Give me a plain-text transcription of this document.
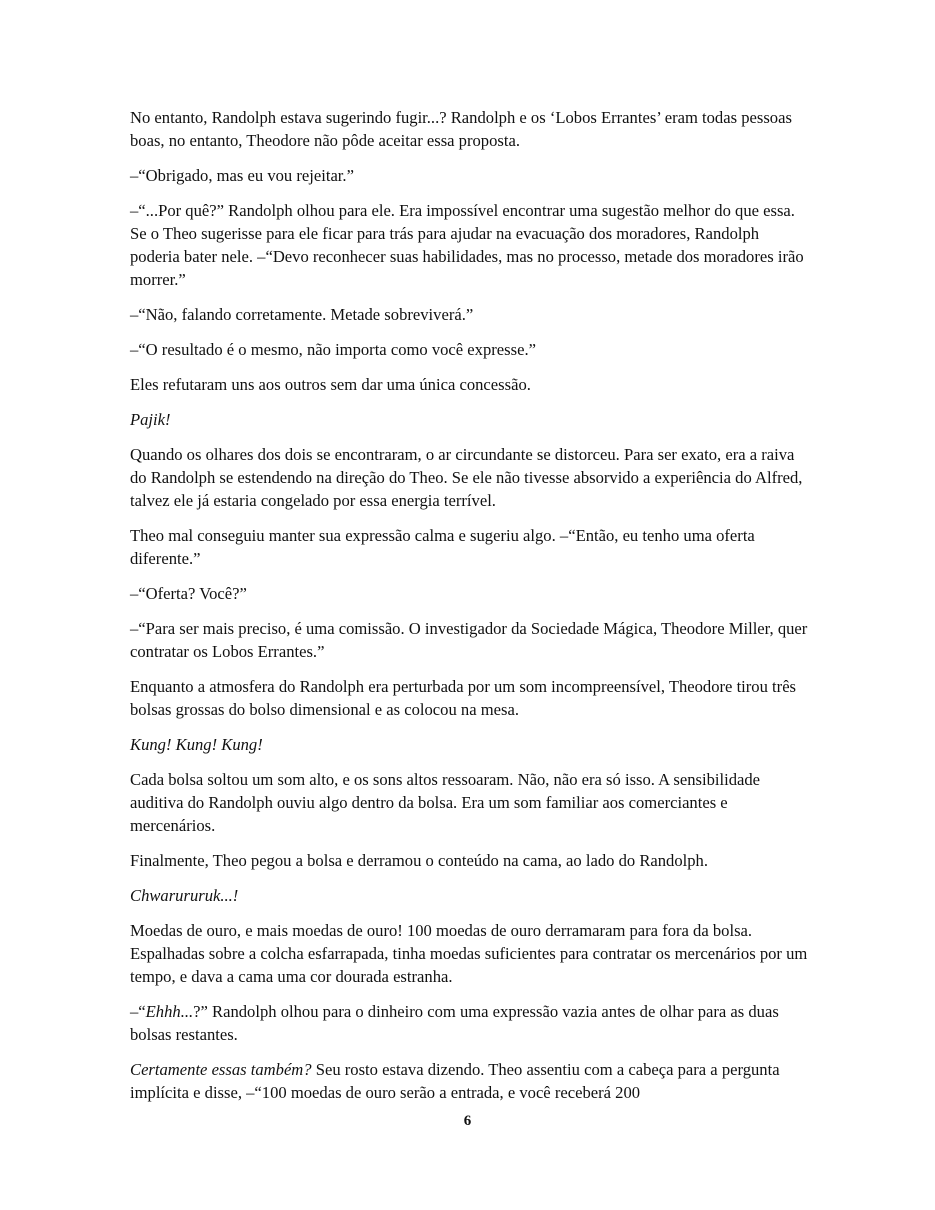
No entanto, Randolph estava sugerindo fugir...? Randolph e os ‘Lobos Errantes’ eram todas pessoas boas, no entanto, Theodore não pôde aceitar essa proposta.

–“Obrigado, mas eu vou rejeitar.”

–“...Por quê?” Randolph olhou para ele. Era impossível encontrar uma sugestão melhor do que essa. Se o Theo sugerisse para ele ficar para trás para ajudar na evacuação dos moradores, Randolph poderia bater nele. –“Devo reconhecer suas habilidades, mas no processo, metade dos moradores irão morrer.”

–“Não, falando corretamente. Metade sobreviverá.”

–“O resultado é o mesmo, não importa como você expresse.”

Eles refutaram uns aos outros sem dar uma única concessão.

Pajik!

Quando os olhares dos dois se encontraram, o ar circundante se distorceu. Para ser exato, era a raiva do Randolph se estendendo na direção do Theo. Se ele não tivesse absorvido a experiência do Alfred, talvez ele já estaria congelado por essa energia terrível.

Theo mal conseguiu manter sua expressão calma e sugeriu algo. –“Então, eu tenho uma oferta diferente.”

–“Oferta? Você?”

–“Para ser mais preciso, é uma comissão. O investigador da Sociedade Mágica, Theodore Miller, quer contratar os Lobos Errantes.”

Enquanto a atmosfera do Randolph era perturbada por um som incompreensível, Theodore tirou três bolsas grossas do bolso dimensional e as colocou na mesa.

Kung! Kung! Kung!

Cada bolsa soltou um som alto, e os sons altos ressoaram. Não, não era só isso. A sensibilidade auditiva do Randolph ouviu algo dentro da bolsa. Era um som familiar aos comerciantes e mercenários.

Finalmente, Theo pegou a bolsa e derramou o conteúdo na cama, ao lado do Randolph.

Chwarururuk...!

Moedas de ouro, e mais moedas de ouro! 100 moedas de ouro derramaram para fora da bolsa. Espalhadas sobre a colcha esfarrapada, tinha moedas suficientes para contratar os mercenários por um tempo, e dava a cama uma cor dourada estranha.

–“Ehhh...?” Randolph olhou para o dinheiro com uma expressão vazia antes de olhar para as duas bolsas restantes.

Certamente essas também? Seu rosto estava dizendo. Theo assentiu com a cabeça para a pergunta implícita e disse, –“100 moedas de ouro serão a entrada, e você receberá 200

6
